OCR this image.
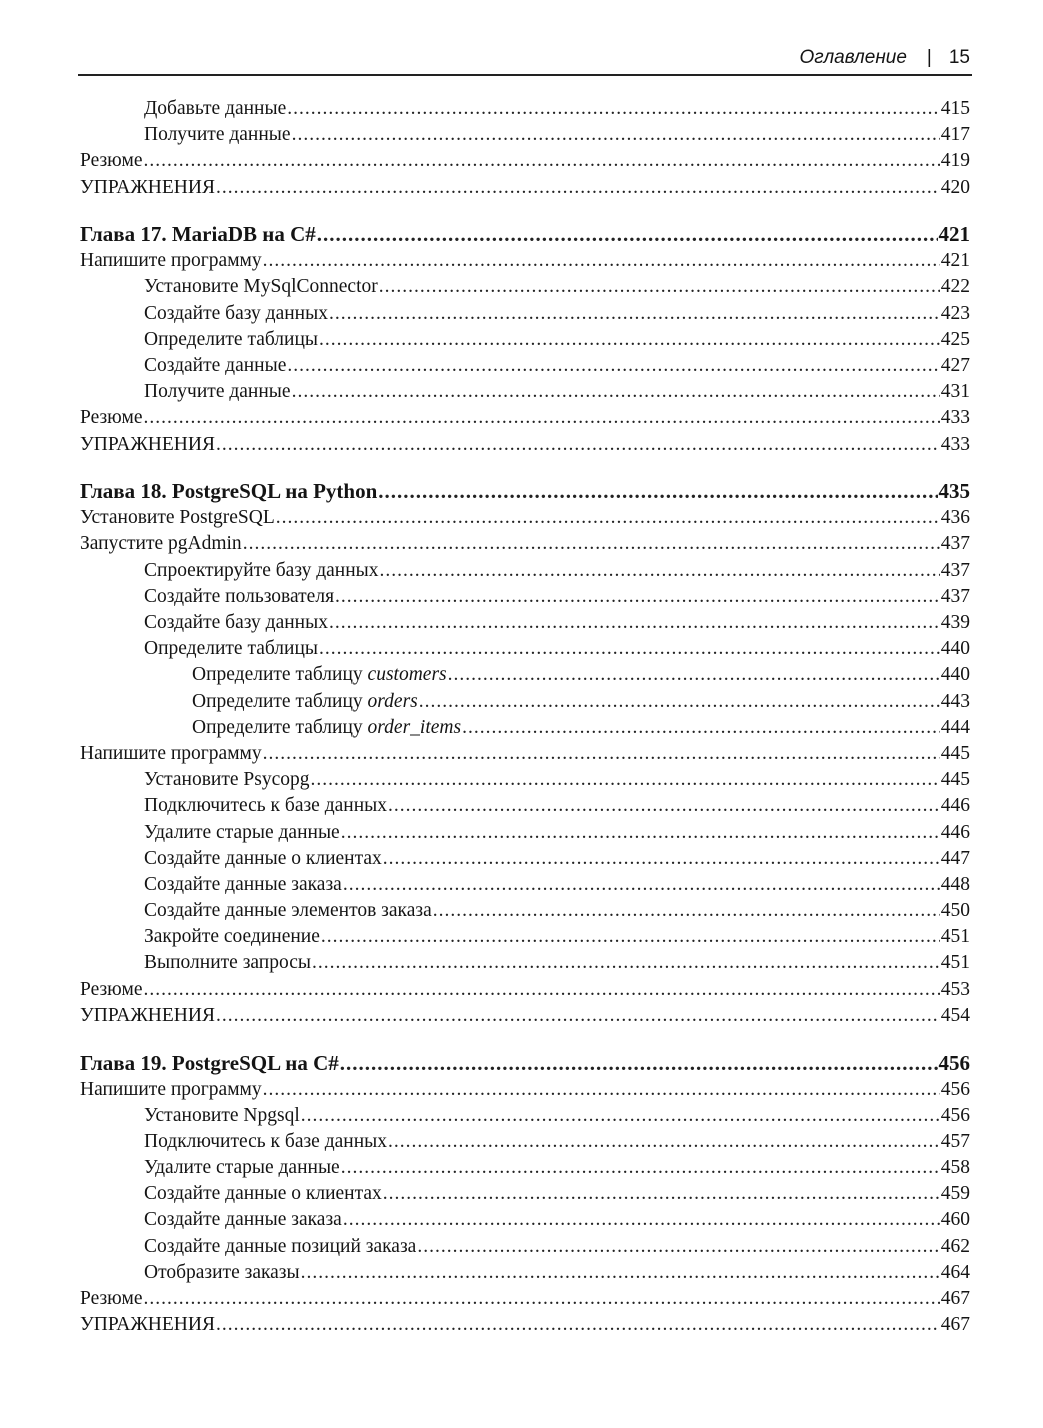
Оглавление | 15
Добавьте данные .....	415
Получите данные .....	417
Резюме .....	419
УПРАЖНЕНИЯ .....	420
Глава 17. MariaDB на C# .....	421
Напишите программу .....	421
Установите MySqlConnector .....	422
Создайте базу данных .....	423
Определите таблицы .....	425
Создайте данные .....	427
Получите данные .....	431
Резюме .....	433
УПРАЖНЕНИЯ .....	433
Глава 18. PostgreSQL на Python .....	435
Установите PostgreSQL .....	436
Запустите pgAdmin .....	437
Спроектируйте базу данных .....	437
Создайте пользователя .....	437
Создайте базу данных .....	439
Определите таблицы .....	440
Определите таблицу customers .....	440
Определите таблицу orders .....	443
Определите таблицу order_items .....	444
Напишите программу .....	445
Установите Psycopg .....	445
Подключитесь к базе данных .....	446
Удалите старые данные .....	446
Создайте данные о клиентах .....	447
Создайте данные заказа .....	448
Создайте данные элементов заказа .....	450
Закройте соединение .....	451
Выполните запросы .....	451
Резюме .....	453
УПРАЖНЕНИЯ .....	454
Глава 19. PostgreSQL на C# .....	456
Напишите программу .....	456
Установите Npgsql .....	456
Подключитесь к базе данных .....	457
Удалите старые данные .....	458
Создайте данные о клиентах .....	459
Создайте данные заказа .....	460
Создайте данные позиций заказа .....	462
Отобразите заказы .....	464
Резюме .....	467
УПРАЖНЕНИЯ .....	467
